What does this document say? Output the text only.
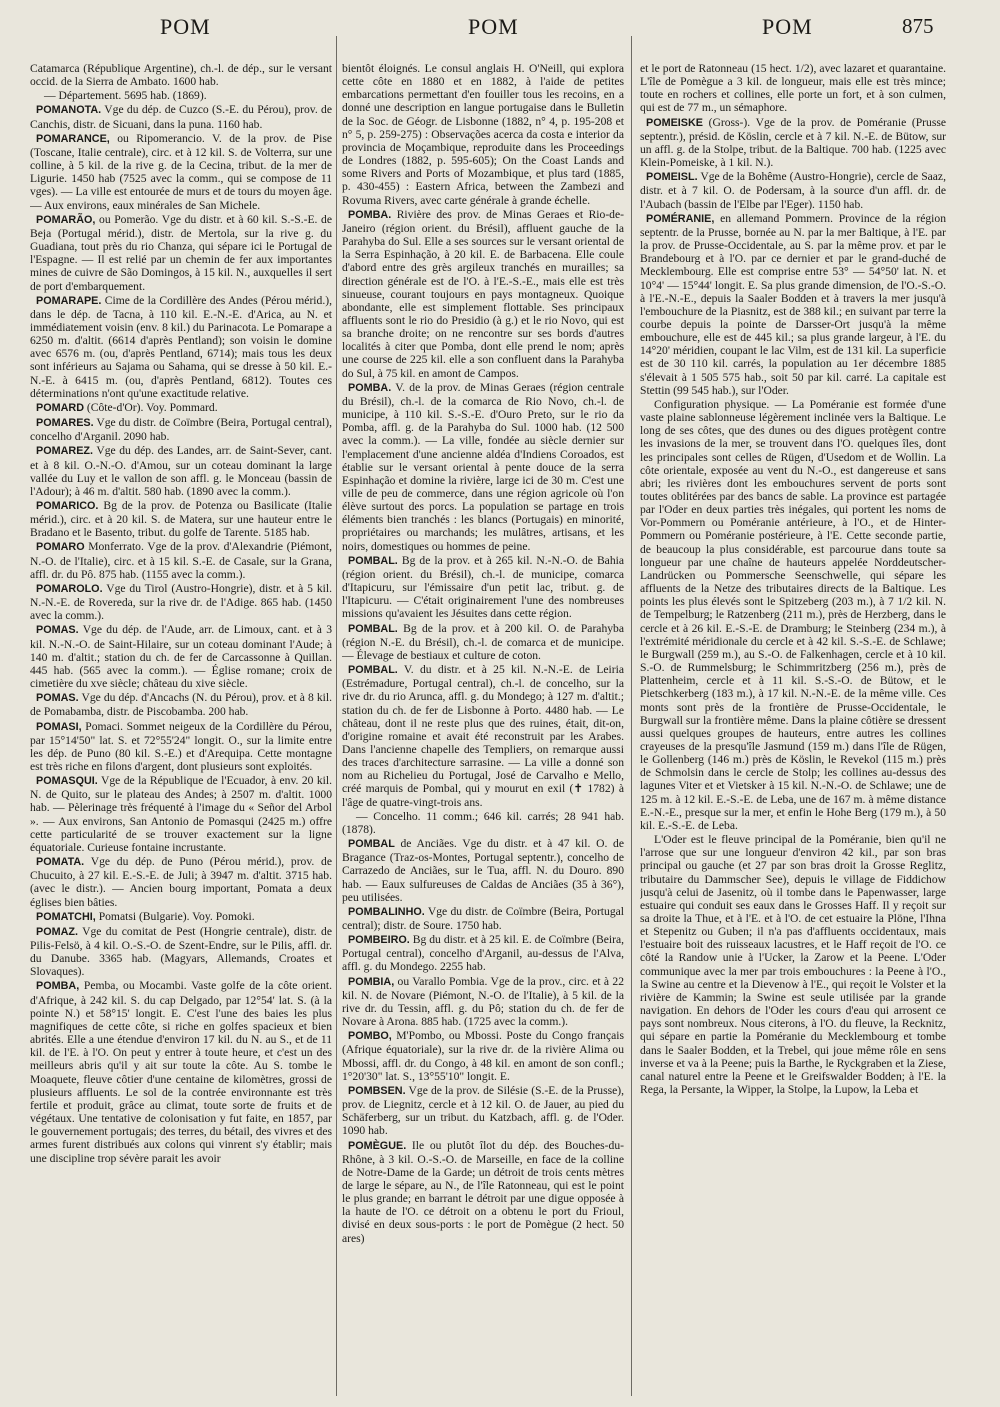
POM	POM	POM	875

Catamarca (République Argentine), ch.-l. de dép., sur le versant occid. de la Sierra de Ambato. 1600 hab.

— Département. 5695 hab. (1869).

POMANOTA. Vge du dép. de Cuzco (S.-E. du Pérou), prov. de Canchis, distr. de Sicuani, dans la puna. 1160 hab.

POMARANCE, ou Ripomerancio. V. de la prov. de Pise (Toscane, Italie centrale), circ. et à 12 kil. S. de Volterra, sur une colline, à 5 kil. de la rive g. de la Cecina, tribut. de la mer de Ligurie. 1450 hab (7525 avec la comm., qui se compose de 11 vges). — La ville est entourée de murs et de tours du moyen âge. — Aux environs, eaux minérales de San Michele.

POMARÃO, ou Pomerão. Vge du distr. et à 60 kil. S.-S.-E. de Beja (Portugal mérid.), distr. de Mertola, sur la rive g. du Guadiana, tout près du rio Chanza, qui sépare ici le Portugal de l'Espagne. — Il est relié par un chemin de fer aux importantes mines de cuivre de São Domingos, à 15 kil. N., auxquelles il sert de port d'embarquement.

POMARAPE. Cime de la Cordillère des Andes (Pérou mérid.), dans le dép. de Tacna, à 110 kil. E.-N.-E. d'Arica, au N. et immédiatement voisin (env. 8 kil.) du Parinacota. Le Pomarape a 6250 m. d'altit. (6614 d'après Pentland); son voisin le domine avec 6576 m. (ou, d'après Pentland, 6714); mais tous les deux sont inférieurs au Sajama ou Sahama, qui se dresse à 50 kil. E.-N.-E. à 6415 m. (ou, d'après Pentland, 6812). Toutes ces déterminations n'ont qu'une exactitude relative.

POMARD (Côte-d'Or). Voy. Pommard.

POMARES. Vge du distr. de Coïmbre (Beira, Portugal central), concelho d'Arganil. 2090 hab.

POMAREZ. Vge du dép. des Landes, arr. de Saint-Sever, cant. et à 8 kil. O.-N.-O. d'Amou, sur un coteau dominant la large vallée du Luy et le vallon de son affl. g. le Monceau (bassin de l'Adour); à 46 m. d'altit. 580 hab. (1890 avec la comm.).

POMARICO. Bg de la prov. de Potenza ou Basilicate (Italie mérid.), circ. et à 20 kil. S. de Matera, sur une hauteur entre le Bradano et le Basento, tribut. du golfe de Tarente. 5185 hab.

POMARO Monferrato. Vge de la prov. d'Alexandrie (Piémont, N.-O. de l'Italie), circ. et à 15 kil. S.-E. de Casale, sur la Grana, affl. dr. du Pô. 875 hab. (1155 avec la comm.).

POMAROLO. Vge du Tirol (Austro-Hongrie), distr. et à 5 kil. N.-N.-E. de Rovereda, sur la rive dr. de l'Adige. 865 hab. (1450 avec la comm.).

POMAS. Vge du dép. de l'Aude, arr. de Limoux, cant. et à 3 kil. N.-N.-O. de Saint-Hilaire, sur un coteau dominant l'Aude; à 140 m. d'altit.; station du ch. de fer de Carcassonne à Quillan. 445 hab. (565 avec la comm.). — Église romane; croix de cimetière du xve siècle; château du xive siècle.

POMAS. Vge du dép. d'Ancachs (N. du Pérou), prov. et à 8 kil. de Pomabamba, distr. de Piscobamba. 200 hab.

POMASI, Pomaci. Sommet neigeux de la Cordillère du Pérou, par 15°14'50" lat. S. et 72°55'24" longit. O., sur la limite entre les dép. de Puno (80 kil. S.-E.) et d'Arequipa. Cette montagne est très riche en filons d'argent, dont plusieurs sont exploités.

POMASQUI. Vge de la République de l'Ecuador, à env. 20 kil. N. de Quito, sur le plateau des Andes; à 2507 m. d'altit. 1000 hab. — Pèlerinage très fréquenté à l'image du « Señor del Arbol ». — Aux environs, San Antonio de Pomasqui (2425 m.) offre cette particularité de se trouver exactement sur la ligne équatoriale. Curieuse fontaine incrustante.

POMATA. Vge du dép. de Puno (Pérou mérid.), prov. de Chucuito, à 27 kil. E.-S.-E. de Juli; à 3947 m. d'altit. 3715 hab. (avec le distr.). — Ancien bourg important, Pomata a deux églises bien bâties.

POMATCHI, Pomatsi (Bulgarie). Voy. Pomoki.

POMAZ. Vge du comitat de Pest (Hongrie centrale), distr. de Pilis-Felsö, à 4 kil. O.-S.-O. de Szent-Endre, sur le Pilis, affl. dr. du Danube. 3365 hab. (Magyars, Allemands, Croates et Slovaques).

POMBA, Pemba, ou Mocambi. Vaste golfe de la côte orient. d'Afrique, à 242 kil. S. du cap Delgado, par 12°54' lat. S. (à la pointe N.) et 58°15' longit. E. C'est l'une des baies les plus magnifiques de cette côte, si riche en golfes spacieux et bien abrités. Elle a une étendue d'environ 17 kil. du N. au S., et de 11 kil. de l'E. à l'O. On peut y entrer à toute heure, et c'est un des meilleurs abris qu'il y ait sur toute la côte. Au S. tombe le Moaquete, fleuve côtier d'une centaine de kilomètres, grossi de plusieurs affluents. Le sol de la contrée environnante est très fertile et produit, grâce au climat, toute sorte de fruits et de végétaux. Une tentative de colonisation y fut faite, en 1857, par le gouvernement portugais; des terres, du bétail, des vivres et des armes furent distribués aux colons qui vinrent s'y établir; mais une discipline trop sévère parait les avoir

bientôt éloignés. Le consul anglais H. O'Neill, qui explora cette côte en 1880 et en 1882, à l'aide de petites embarcations permettant d'en fouiller tous les recoins, en a donné une description en langue portugaise dans le Bulletin de la Soc. de Géogr. de Lisbonne (1882, n° 4, p. 195-208 et n° 5, p. 259-275) : Observações acerca da costa e interior da provincia de Moçambique, reproduite dans les Proceedings de Londres (1882, p. 595-605); On the Coast Lands and some Rivers and Ports of Mozambique, et plus tard (1885, p. 430-455) : Eastern Africa, between the Zambezi and Rovuma Rivers, avec carte générale à grande échelle.

POMBA. Rivière des prov. de Minas Geraes et Rio-de-Janeiro (région orient. du Brésil), affluent gauche de la Parahyba do Sul. Elle a ses sources sur le versant oriental de la Serra Espinhação, à 20 kil. E. de Barbacena. Elle coule d'abord entre des grès argileux tranchés en murailles; sa direction générale est de l'O. à l'E.-S.-E., mais elle est très sinueuse, courant toujours en pays montagneux. Quoique abondante, elle est simplement flottable. Ses principaux affluents sont le rio do Presidio (à g.) et le rio Novo, qui est sa branche droite; on ne rencontre sur ses bords d'autres localités à citer que Pomba, dont elle prend le nom; après une course de 225 kil. elle a son confluent dans la Parahyba do Sul, à 75 kil. en amont de Campos.

POMBA. V. de la prov. de Minas Geraes (région centrale du Brésil), ch.-l. de la comarca de Rio Novo, ch.-l. de municipe, à 110 kil. S.-S.-E. d'Ouro Preto, sur le rio da Pomba, affl. g. de la Parahyba do Sul. 1000 hab. (12 500 avec la comm.). — La ville, fondée au siècle dernier sur l'emplacement d'une ancienne aldéa d'Indiens Coroados, est établie sur le versant oriental à pente douce de la serra Espinhação et domine la rivière, large ici de 30 m. C'est une ville de peu de commerce, dans une région agricole où l'on élève surtout des porcs. La population se partage en trois éléments bien tranchés : les blancs (Portugais) en minorité, propriétaires ou marchands; les mulâtres, artisans, et les noirs, domestiques ou hommes de peine.

POMBAL. Bg de la prov. et à 265 kil. N.-N.-O. de Bahia (région orient. du Brésil), ch.-l. de municipe, comarca d'Itapicuru, sur l'émissaire d'un petit lac, tribut. g. de l'Itapicuru. — C'était originairement l'une des nombreuses missions qu'avaient les Jésuites dans cette région.

POMBAL. Bg de la prov. et à 200 kil. O. de Parahyba (région N.-E. du Brésil), ch.-l. de comarca et de municipe. — Élevage de bestiaux et culture de coton.

POMBAL. V. du distr. et à 25 kil. N.-N.-E. de Leiria (Estrémadure, Portugal central), ch.-l. de concelho, sur la rive dr. du rio Arunca, affl. g. du Mondego; à 127 m. d'altit.; station du ch. de fer de Lisbonne à Porto. 4480 hab. — Le château, dont il ne reste plus que des ruines, était, dit-on, d'origine romaine et avait été reconstruit par les Arabes. Dans l'ancienne chapelle des Templiers, on remarque aussi des traces d'architecture sarrasine. — La ville a donné son nom au Richelieu du Portugal, José de Carvalho e Mello, créé marquis de Pombal, qui y mourut en exil (✝ 1782) à l'âge de quatre-vingt-trois ans.

— Concelho. 11 comm.; 646 kil. carrés; 28 941 hab. (1878).

POMBAL de Anciães. Vge du distr. et à 47 kil. O. de Bragance (Traz-os-Montes, Portugal septentr.), concelho de Carrazedo de Anciães, sur le Tua, affl. N. du Douro. 890 hab. — Eaux sulfureuses de Caldas de Anciães (35 à 36°), peu utilisées.

POMBALINHO. Vge du distr. de Coïmbre (Beira, Portugal central); distr. de Soure. 1750 hab.

POMBEIRO. Bg du distr. et à 25 kil. E. de Coïmbre (Beira, Portugal central), concelho d'Arganil, au-dessus de l'Alva, affl. g. du Mondego. 2255 hab.

POMBIA, ou Varallo Pombia. Vge de la prov., circ. et à 22 kil. N. de Novare (Piémont, N.-O. de l'Italie), à 5 kil. de la rive dr. du Tessin, affl. g. du Pô; station du ch. de fer de Novare à Arona. 885 hab. (1725 avec la comm.).

POMBO, M'Pombo, ou Mbossi. Poste du Congo français (Afrique équatoriale), sur la rive dr. de la rivière Alima ou Mbossi, affl. dr. du Congo, à 48 kil. en amont de son confl.; 1°20'30" lat. S., 13°55'10" longit. E.

POMBSEN. Vge de la prov. de Silésie (S.-E. de la Prusse), prov. de Liegnitz, cercle et à 12 kil. O. de Jauer, au pied du Schäferberg, sur un tribut. du Katzbach, affl. g. de l'Oder. 1090 hab.

POMÈGUE. Ile ou plutôt îlot du dép. des Bouches-du-Rhône, à 3 kil. O.-S.-O. de Marseille, en face de la colline de Notre-Dame de la Garde; un détroit de trois cents mètres de large le sépare, au N., de l'île Ratonneau, qui est le point le plus grande; en barrant le détroit par une digue opposée à la haute de l'O. ce détroit on a obtenu le port du Frioul, divisé en deux sous-ports : le port de Pomègue (2 hect. 50 ares)

et le port de Ratonneau (15 hect. 1/2), avec lazaret et quarantaine. L'île de Pomègue a 3 kil. de longueur, mais elle est très mince; toute en rochers et collines, elle porte un fort, et à son culmen, qui est de 77 m., un sémaphore.

POMEISKE (Gross-). Vge de la prov. de Poméranie (Prusse septentr.), présid. de Köslin, cercle et à 7 kil. N.-E. de Bütow, sur un affl. g. de la Stolpe, tribut. de la Baltique. 700 hab. (1225 avec Klein-Pomeiske, à 1 kil. N.).

POMEISL. Vge de la Bohême (Austro-Hongrie), cercle de Saaz, distr. et à 7 kil. O. de Podersam, à la source d'un affl. dr. de l'Aubach (bassin de l'Elbe par l'Eger). 1150 hab.

POMÉRANIE, en allemand Pommern. Province de la région septentr. de la Prusse, bornée au N. par la mer Baltique, à l'E. par la prov. de Prusse-Occidentale, au S. par la même prov. et par le Brandebourg et à l'O. par ce dernier et par le grand-duché de Mecklembourg. Elle est comprise entre 53° — 54°50' lat. N. et 10°4' — 15°44' longit. E. Sa plus grande dimension, de l'O.-S.-O. à l'E.-N.-E., depuis la Saaler Bodden et à travers la mer jusqu'à l'embouchure de la Piasnitz, est de 388 kil.; en suivant par terre la courbe depuis la pointe de Darsser-Ort jusqu'à la même embouchure, elle est de 445 kil.; sa plus grande largeur, à l'E. du 14°20' méridien, coupant le lac Vilm, est de 131 kil. La superficie est de 30 110 kil. carrés, la population au 1er décembre 1885 s'élevait à 1 505 575 hab., soit 50 par kil. carré. La capitale est Stettin (99 545 hab.), sur l'Oder.

Configuration physique. — La Poméranie est formée d'une vaste plaine sablonneuse légèrement inclinée vers la Baltique. Le long de ses côtes, que des dunes ou des digues protègent contre les invasions de la mer, se trouvent dans l'O. quelques îles, dont les principales sont celles de Rügen, d'Usedom et de Wollin. La côte orientale, exposée au vent du N.-O., est dangereuse et sans abri; les rivières dont les embouchures servent de ports sont toutes oblitérées par des bancs de sable. La province est partagée par l'Oder en deux parties très inégales, qui portent les noms de Vor-Pommern ou Poméranie antérieure, à l'O., et de Hinter-Pommern ou Poméranie postérieure, à l'E. Cette seconde partie, de beaucoup la plus considérable, est parcourue dans toute sa longueur par une chaîne de hauteurs appelée Norddeutscher-Landrücken ou Pommersche Seenschwelle, qui sépare les affluents de la Netze des tributaires directs de la Baltique. Les points les plus élevés sont le Spitzeberg (203 m.), à 7 1/2 kil. N. de Tempelburg; le Ratzenberg (211 m.), près de Herzberg, dans le cercle et à 26 kil. E.-S.-E. de Dramburg; le Steinberg (234 m.), à l'extrémité méridionale du cercle et à 42 kil. S.-S.-E. de Schlawe; le Burgwall (259 m.), au S.-O. de Falkenhagen, cercle et à 10 kil. S.-O. de Rummelsburg; le Schimmritzberg (256 m.), près de Plattenheim, cercle et à 11 kil. S.-S.-O. de Bütow, et le Pietschkerberg (183 m.), à 17 kil. N.-N.-E. de la même ville. Ces monts sont près de la frontière de Prusse-Occidentale, le Burgwall sur la frontière même. Dans la plaine côtière se dressent aussi quelques groupes de hauteurs, entre autres les collines crayeuses de la presqu'île Jasmund (159 m.) dans l'île de Rügen, le Gollenberg (146 m.) près de Köslin, le Revekol (115 m.) près de Schmolsin dans le cercle de Stolp; les collines au-dessus des lagunes Viter et et Vietsker à 15 kil. N.-N.-O. de Schlawe; une de 125 m. à 12 kil. E.-S.-E. de Leba, une de 167 m. à même distance E.-N.-E., presque sur la mer, et enfin le Hohe Berg (179 m.), à 50 kil. E.-S.-E. de Leba.

L'Oder est le fleuve principal de la Poméranie, bien qu'il ne l'arrose que sur une longueur d'environ 42 kil., par son bras principal ou gauche (et 27 par son bras droit la Grosse Reglitz, tributaire du Dammscher See), depuis le village de Fiddichow jusqu'à celui de Jasenitz, où il tombe dans le Papenwasser, large estuaire qui conduit ses eaux dans le Grosses Haff. Il y reçoit sur sa droite la Thue, et à l'E. et à l'O. de cet estuaire la Plöne, l'Ihna et Stepenitz ou Guben; il n'a pas d'affluents occidentaux, mais l'estuaire boit des ruisseaux lacustres, et le Haff reçoit de l'O. ce côté la Randow unie à l'Ucker, la Zarow et la Peene. L'Oder communique avec la mer par trois embouchures : la Peene à l'O., la Swine au centre et la Dievenow à l'E., qui reçoit le Volster et la rivière de Kammin; la Swine est seule utilisée par la grande navigation. En dehors de l'Oder les cours d'eau qui arrosent ce pays sont nombreux. Nous citerons, à l'O. du fleuve, la Recknitz, qui sépare en partie la Poméranie du Mecklembourg et tombe dans le Saaler Bodden, et la Trebel, qui joue même rôle en sens inverse et va à la Peene; puis la Barthe, le Ryckgraben et la Ziese, canal naturel entre la Peene et le Greifswalder Bodden; à l'E. la Rega, la Persante, la Wipper, la Stolpe, la Lupow, la Leba et
